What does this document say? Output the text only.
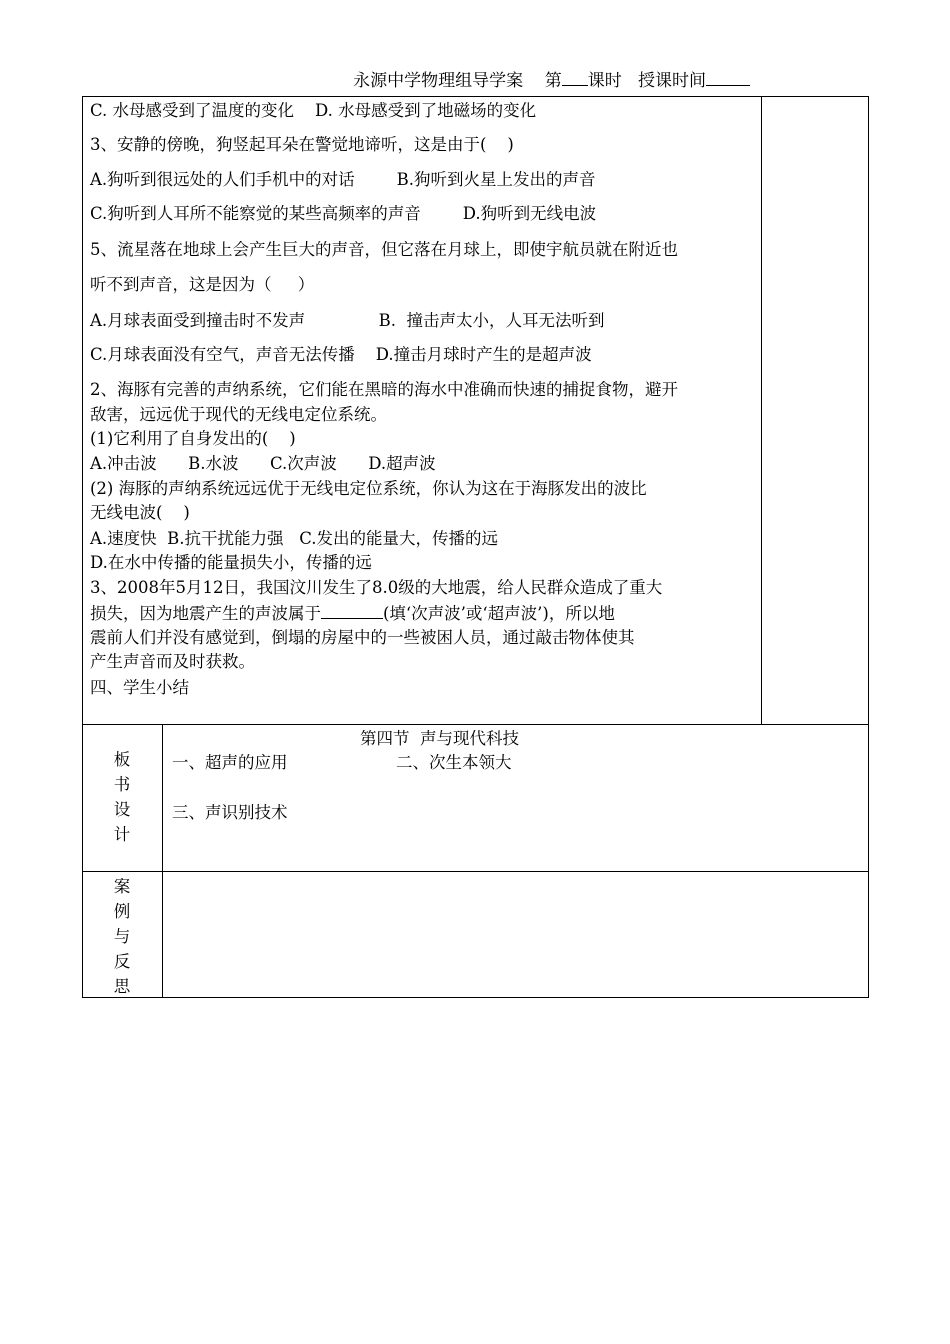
永源中学物理组导学案 第 课时 授课时间
C. 水母感受到了温度的变化    D. 水母感受到了地磁场的变化
3、安静的傍晚，狗竖起耳朵在警觉地谛听，这是由于(    )
A.狗听到很远处的人们手机中的对话        B.狗听到火星上发出的声音
C.狗听到人耳所不能察觉的某些高频率的声音        D.狗听到无线电波
5、流星落在地球上会产生巨大的声音，但它落在月球上，即使宇航员就在附近也
听不到声音，这是因为（     ）
A.月球表面受到撞击时不发声              B.  撞击声太小，人耳无法听到
C.月球表面没有空气，声音无法传播    D.撞击月球时产生的是超声波
2、海豚有完善的声纳系统，它们能在黑暗的海水中准确而快速的捕捉食物，避开
敌害，远远优于现代的无线电定位系统。
(1)它利用了自身发出的(    )
A.冲击波      B.水波      C.次声波      D.超声波
(2) 海豚的声纳系统远远优于无线电定位系统，你认为这在于海豚发出的波比
无线电波(    )
A.速度快  B.抗干扰能力强   C.发出的能量大，传播的远
D.在水中传播的能量损失小，传播的远
3、2008年5月12日，我国汶川发生了8.0级的大地震，给人民群众造成了重大
损失，因为地震产生的声波属于	(填‘次声波’或‘超声波’)，所以地
震前人们并没有感觉到，倒塌的房屋中的一些被困人员，通过敲击物体使其
产生声音而及时获救。
四、学生小结
板
书
设
计
第四节  声与现代科技
一、超声的应用	二、次生本领大
三、声识别技术
案
例
与
反
思
